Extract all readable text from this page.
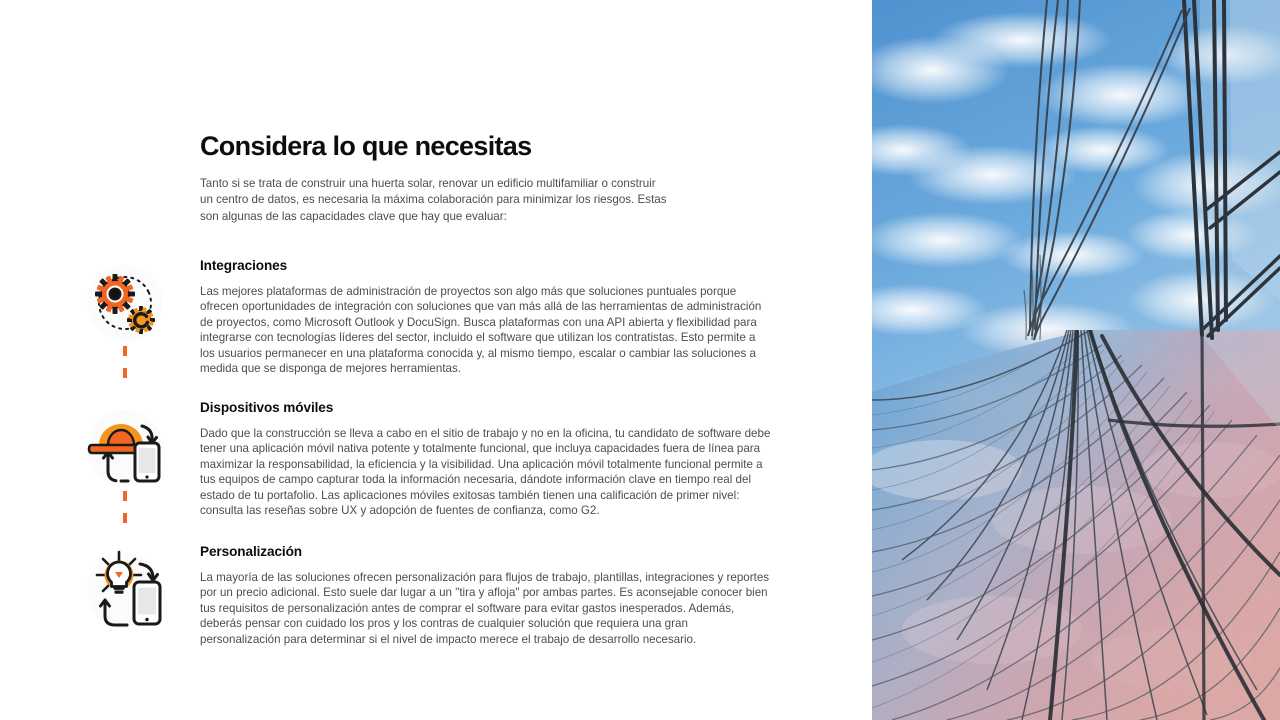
Considera lo que necesitas

Tanto si se trata de construir una huerta solar, renovar un edificio multifamiliar o construir un centro de datos, es necesaria la máxima colaboración para minimizar los riesgos. Estas son algunas de las capacidades clave que hay que evaluar:

Integraciones

Las mejores plataformas de administración de proyectos son algo más que soluciones puntuales porque ofrecen oportunidades de integración con soluciones que van más allá de las herramientas de administración de proyectos, como Microsoft Outlook y DocuSign. Busca plataformas con una API abierta y flexibilidad para integrarse con tecnologías líderes del sector, incluido el software que utilizan los contratistas. Esto permite a los usuarios permanecer en una plataforma conocida y, al mismo tiempo, escalar o cambiar las soluciones a medida que se disponga de mejores herramientas.

Dispositivos móviles

Dado que la construcción se lleva a cabo en el sitio de trabajo y no en la oficina, tu candidato de software debe tener una aplicación móvil nativa potente y totalmente funcional, que incluya capacidades fuera de línea para maximizar la responsabilidad, la eficiencia y la visibilidad. Una aplicación móvil totalmente funcional permite a tus equipos de campo capturar toda la información necesaria, dándote información clave en tiempo real del estado de tu portafolio. Las aplicaciones móviles exitosas también tienen una calificación de primer nivel: consulta las reseñas sobre UX y adopción de fuentes de confianza, como G2.

Personalización

La mayoría de las soluciones ofrecen personalización para flujos de trabajo, plantillas, integraciones y reportes por un precio adicional. Esto suele dar lugar a un "tira y afloja" por ambas partes. Es aconsejable conocer bien tus requisitos de personalización antes de comprar el software para evitar gastos inesperados. Además, deberás pensar con cuidado los pros y los contras de cualquier solución que requiera una gran personalización para determinar si el nivel de impacto merece el trabajo de desarrollo necesario.
